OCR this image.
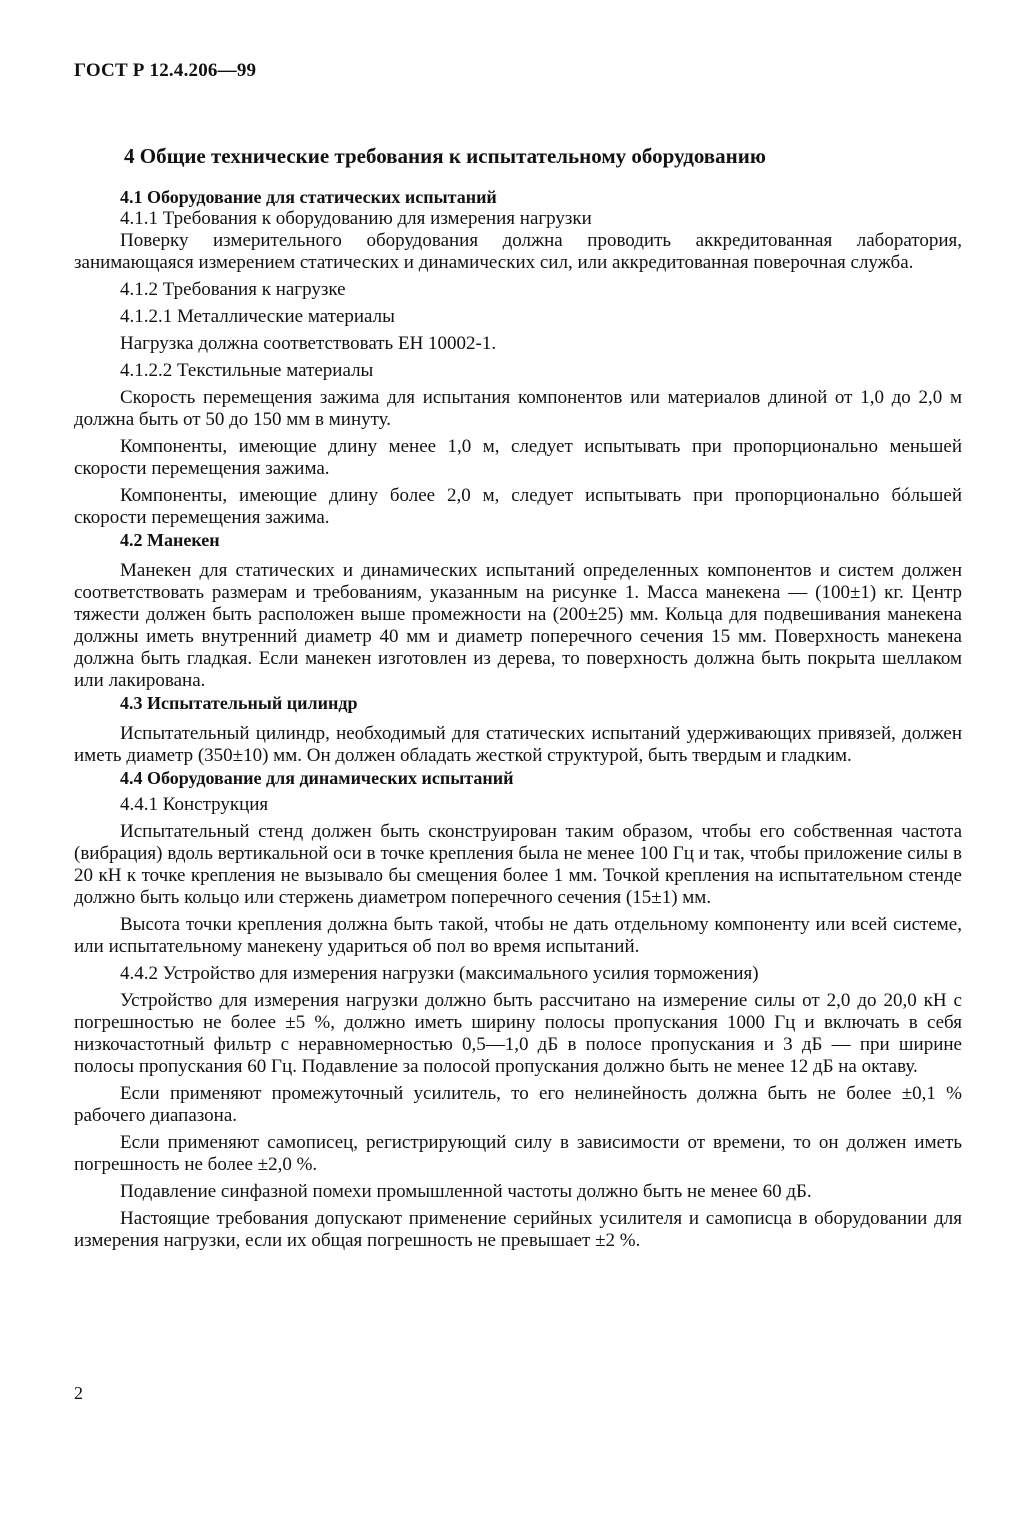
ГОСТ Р 12.4.206—99
4 Общие технические требования к испытательному оборудованию
4.1 Оборудование для статических испытаний

4.1.1 Требования к оборудованию для измерения нагрузки

Поверку измерительного оборудования должна проводить аккредитованная лаборатория, занимающаяся измерением статических и динамических сил, или аккредитованная поверочная служба.

4.1.2 Требования к нагрузке

4.1.2.1 Металлические материалы

Нагрузка должна соответствовать ЕН 10002-1.

4.1.2.2 Текстильные материалы

Скорость перемещения зажима для испытания компонентов или материалов длиной от 1,0 до 2,0 м должна быть от 50 до 150 мм в минуту.

Компоненты, имеющие длину менее 1,0 м, следует испытывать при пропорционально меньшей скорости перемещения зажима.

Компоненты, имеющие длину более 2,0 м, следует испытывать при пропорционально бóльшей скорости перемещения зажима.

4.2 Манекен

Манекен для статических и динамических испытаний определенных компонентов и систем должен соответствовать размерам и требованиям, указанным на рисунке 1. Масса манекена — (100±1) кг. Центр тяжести должен быть расположен выше промежности на (200±25) мм. Кольца для подвешивания манекена должны иметь внутренний диаметр 40 мм и диаметр поперечного сечения 15 мм. Поверхность манекена должна быть гладкая. Если манекен изготовлен из дерева, то поверхность должна быть покрыта шеллаком или лакирована.

4.3 Испытательный цилиндр

Испытательный цилиндр, необходимый для статических испытаний удерживающих привязей, должен иметь диаметр (350±10) мм. Он должен обладать жесткой структурой, быть твердым и гладким.

4.4 Оборудование для динамических испытаний

4.4.1 Конструкция

Испытательный стенд должен быть сконструирован таким образом, чтобы его собственная частота (вибрация) вдоль вертикальной оси в точке крепления была не менее 100 Гц и так, чтобы приложение силы в 20 кН к точке крепления не вызывало бы смещения более 1 мм. Точкой крепления на испытательном стенде должно быть кольцо или стержень диаметром поперечного сечения (15±1) мм.

Высота точки крепления должна быть такой, чтобы не дать отдельному компоненту или всей системе, или испытательному манекену удариться об пол во время испытаний.

4.4.2 Устройство для измерения нагрузки (максимального усилия торможения)

Устройство для измерения нагрузки должно быть рассчитано на измерение силы от 2,0 до 20,0 кН с погрешностью не более ±5 %, должно иметь ширину полосы пропускания 1000 Гц и включать в себя низкочастотный фильтр с неравномерностью 0,5—1,0 дБ в полосе пропускания и 3 дБ — при ширине полосы пропускания 60 Гц. Подавление за полосой пропускания должно быть не менее 12 дБ на октаву.

Если применяют промежуточный усилитель, то его нелинейность должна быть не более ±0,1 % рабочего диапазона.

Если применяют самописец, регистрирующий силу в зависимости от времени, то он должен иметь погрешность не более ±2,0 %.

Подавление синфазной помехи промышленной частоты должно быть не менее 60 дБ.

Настоящие требования допускают применение серийных усилителя и самописца в оборудовании для измерения нагрузки, если их общая погрешность не превышает ±2 %.

2
